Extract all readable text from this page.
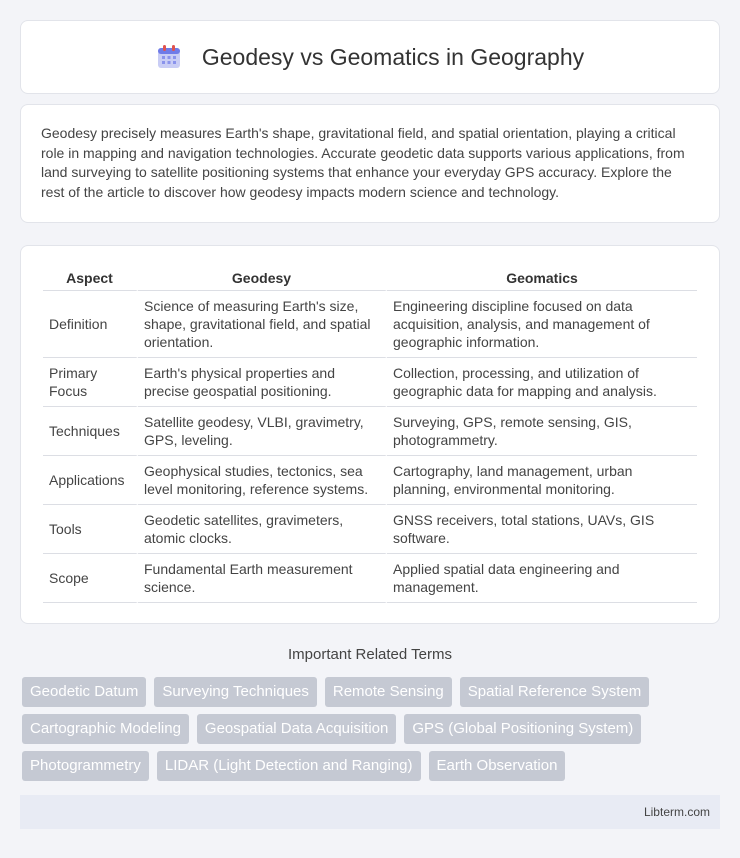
Geodesy vs Geomatics in Geography

Geodesy precisely measures Earth's shape, gravitational field, and spatial orientation, playing a critical role in mapping and navigation technologies. Accurate geodetic data supports various applications, from land surveying to satellite positioning systems that enhance your everyday GPS accuracy. Explore the rest of the article to discover how geodesy impacts modern science and technology.

Aspect	Geodesy	Geomatics
Definition	Science of measuring Earth's size, shape, gravitational field, and spatial orientation.	Engineering discipline focused on data acquisition, analysis, and management of geographic information.
Primary Focus	Earth's physical properties and precise geospatial positioning.	Collection, processing, and utilization of geographic data for mapping and analysis.
Techniques	Satellite geodesy, VLBI, gravimetry, GPS, leveling.	Surveying, GPS, remote sensing, GIS, photogrammetry.
Applications	Geophysical studies, tectonics, sea level monitoring, reference systems.	Cartography, land management, urban planning, environmental monitoring.
Tools	Geodetic satellites, gravimeters, atomic clocks.	GNSS receivers, total stations, UAVs, GIS software.
Scope	Fundamental Earth measurement science.	Applied spatial data engineering and management.
Important Related Terms
Geodetic Datum	Surveying Techniques	Remote Sensing	Spatial Reference System
Cartographic Modeling	Geospatial Data Acquisition	GPS (Global Positioning System)
Photogrammetry	LIDAR (Light Detection and Ranging)	Earth Observation
Libterm.com
